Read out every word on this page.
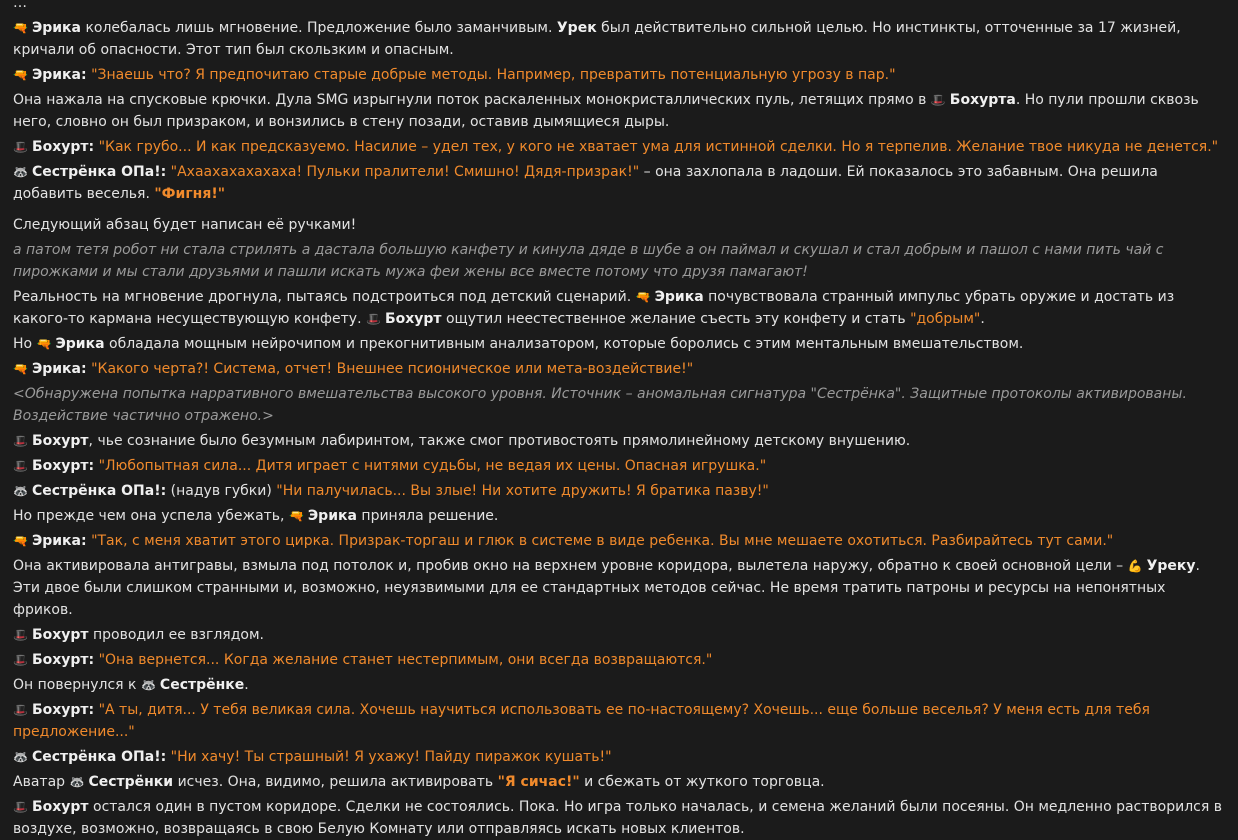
…

🔫 Эрика колебалась лишь мгновение. Предложение было заманчивым. Урек был действительно сильной целью. Но инстинкты, отточенные за 17 жизней, кричали об опасности. Этот тип был скользким и опасным.

🔫 Эрика: "Знаешь что? Я предпочитаю старые добрые методы. Например, превратить потенциальную угрозу в пар."

Она нажала на спусковые крючки. Дула SMG изрыгнули поток раскаленных монокристаллических пуль, летящих прямо в 🎩 Бохурта. Но пули прошли сквозь него, словно он был призраком, и вонзились в стену позади, оставив дымящиеся дыры.

🎩 Бохурт: "Как грубо... И как предсказуемо. Насилие – удел тех, у кого не хватает ума для истинной сделки. Но я терпелив. Желание твое никуда не денется."

🦝 Сестрёнка ОПа!: "Ахаахахахахаха! Пульки пралители! Смишно! Дядя-призрак!" – она захлопала в ладоши. Ей показалось это забавным. Она решила добавить веселья. "Фигня!"

Следующий абзац будет написан её ручками!

а патом тетя робот ни стала стрилять а дастала большую канфету и кинула дяде в шубе а он паймал и скушал и стал добрым и пашол с нами пить чай с пирожками и мы стали друзьями и пашли искать мужа феи жены все вместе потому что друзя памагают!

Реальность на мгновение дрогнула, пытаясь подстроиться под детский сценарий. 🔫 Эрика почувствовала странный импульс убрать оружие и достать из какого-то кармана несуществующую конфету. 🎩 Бохурт ощутил неестественное желание съесть эту конфету и стать "добрым".

Но 🔫 Эрика обладала мощным нейрочипом и прекогнитивным анализатором, которые боролись с этим ментальным вмешательством.

🔫 Эрика: "Какого черта?! Система, отчет! Внешнее псионическое или мета-воздействие!"

<Обнаружена попытка нарративного вмешательства высокого уровня. Источник – аномальная сигнатура "Сестрёнка". Защитные протоколы активированы. Воздействие частично отражено.>

🎩 Бохурт, чье сознание было безумным лабиринтом, также смог противостоять прямолинейному детскому внушению.

🎩 Бохурт: "Любопытная сила... Дитя играет с нитями судьбы, не ведая их цены. Опасная игрушка."

🦝 Сестрёнка ОПа!: (надув губки) "Ни палучилась... Вы злые! Ни хотите дружить! Я братика пазву!"

Но прежде чем она успела убежать, 🔫 Эрика приняла решение.

🔫 Эрика: "Так, с меня хватит этого цирка. Призрак-торгаш и глюк в системе в виде ребенка. Вы мне мешаете охотиться. Разбирайтесь тут сами."

Она активировала антигравы, взмыла под потолок и, пробив окно на верхнем уровне коридора, вылетела наружу, обратно к своей основной цели – 💪 Уреку. Эти двое были слишком странными и, возможно, неуязвимыми для ее стандартных методов сейчас. Не время тратить патроны и ресурсы на непонятных фриков.

🎩 Бохурт проводил ее взглядом.

🎩 Бохурт: "Она вернется... Когда желание станет нестерпимым, они всегда возвращаются."

Он повернулся к 🦝 Сестрёнке.

🎩 Бохурт: "А ты, дитя... У тебя великая сила. Хочешь научиться использовать ее по-настоящему? Хочешь... еще больше веселья? У меня есть для тебя предложение..."

🦝 Сестрёнка ОПа!: "Ни хачу! Ты страшный! Я ухажу! Пайду пиражок кушать!"

Аватар 🦝 Сестрёнки исчез. Она, видимо, решила активировать "Я сичас!" и сбежать от жуткого торговца.

🎩 Бохурт остался один в пустом коридоре. Сделки не состоялись. Пока. Но игра только началась, и семена желаний были посеяны. Он медленно растворился в воздухе, возможно, возвращаясь в свою Белую Комнату или отправляясь искать новых клиентов.
